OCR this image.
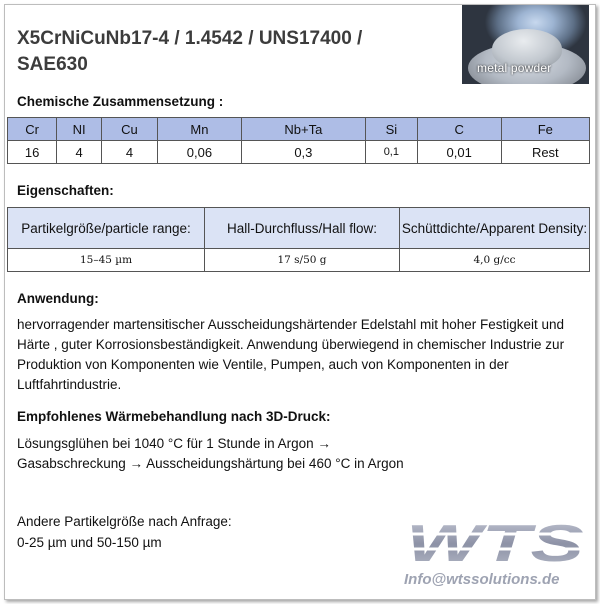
X5CrNiCuNb17-4 / 1.4542 / UNS17400 / SAE630	metal powder
Chemische Zusammensetzung :
Cr	NI	Cu	Mn	Nb+Ta	Si	C	Fe
16	4	4	0,06	0,3	0,1	0,01	Rest
Eigenschaften:
Partikelgröße/particle range:	Hall-Durchfluss/Hall flow:	Schüttdichte/Apparent Density:
15–45 µm	17 s/50 g	4,0 g/cc
Anwendung:
hervorragender martensitischer Ausscheidungshärtender Edelstahl mit hoher Festigkeit und Härte , guter Korrosionsbeständigkeit. Anwendung überwiegend in chemischer Industrie zur Produktion von Komponenten wie Ventile, Pumpen, auch von Komponenten in der Luftfahrtindustrie.
Empfohlenes Wärmebehandlung nach 3D-Druck:
Lösungsglühen bei 1040 °C für 1 Stunde in Argon → Gasabschreckung → Ausscheidungshärtung bei 460 °C in Argon
Andere Partikelgröße nach Anfrage:
0-25 µm und 50-150 µm	WTS
Info@wtssolutions.de
